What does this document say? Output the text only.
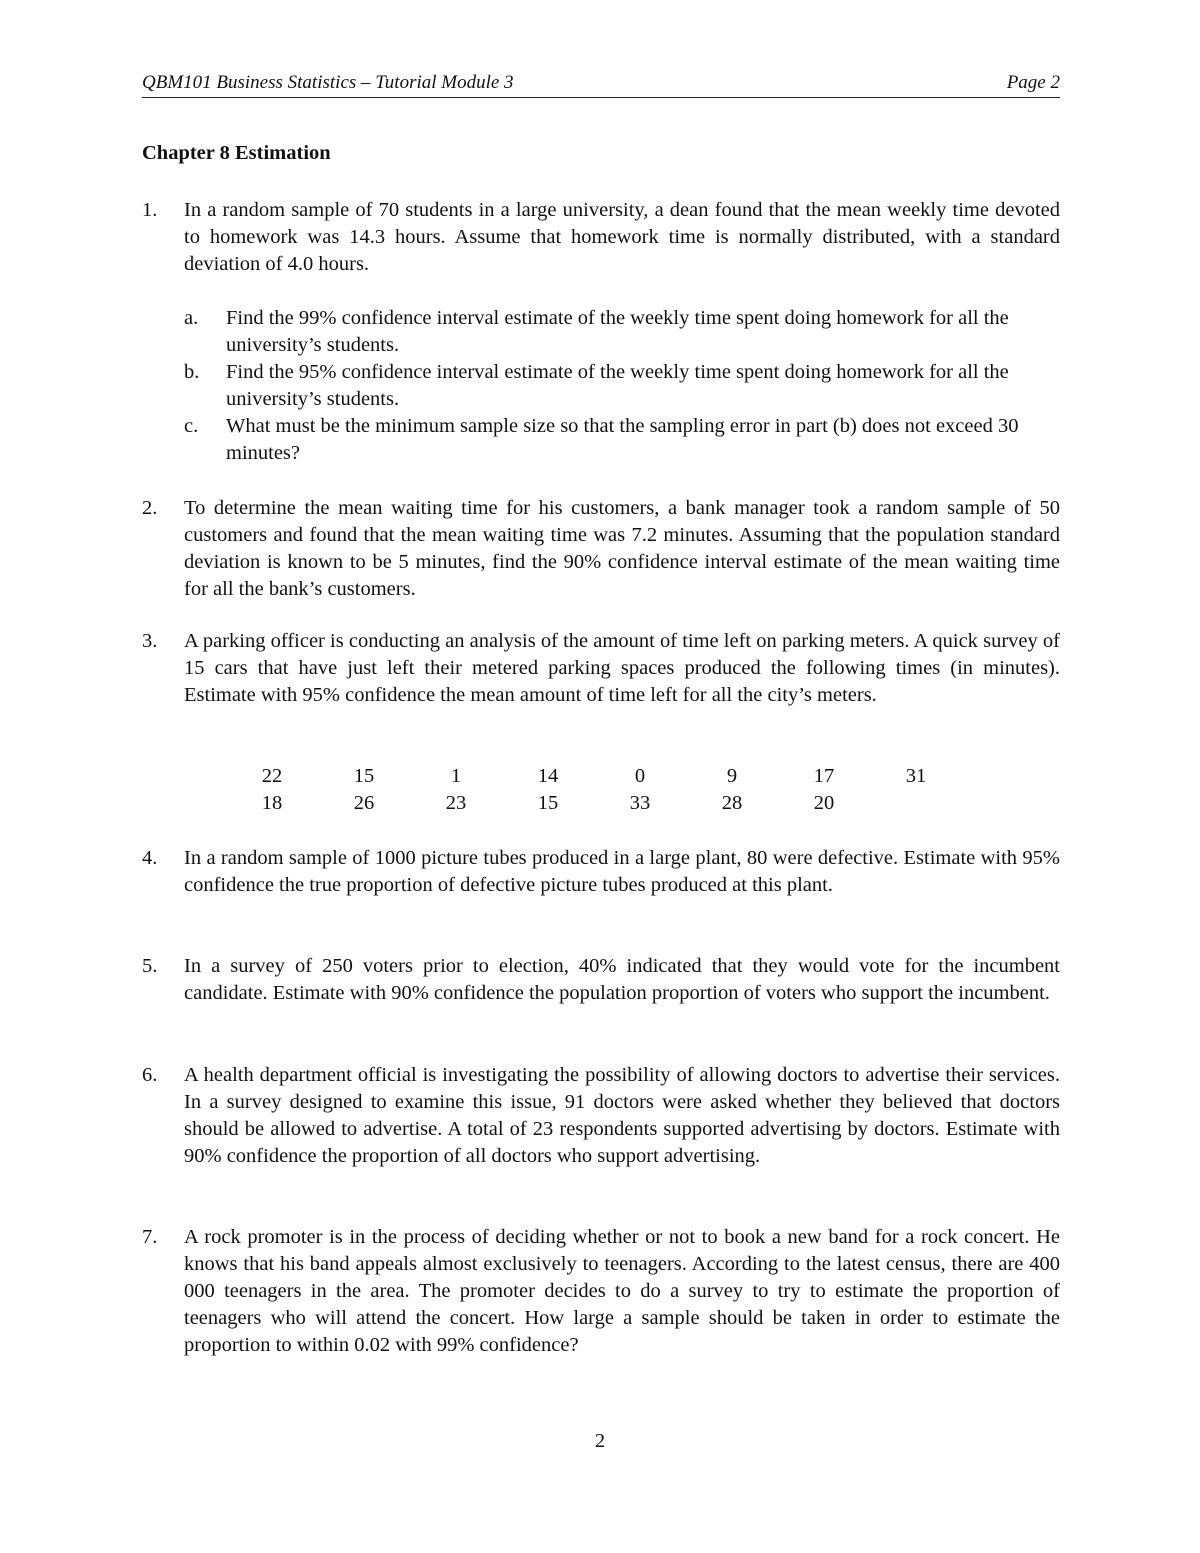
QBM101 Business Statistics – Tutorial Module 3	Page 2
Chapter 8 Estimation
1. In a random sample of 70 students in a large university, a dean found that the mean weekly time devoted to homework was 14.3 hours. Assume that homework time is normally distributed, with a standard deviation of 4.0 hours.
a. Find the 99% confidence interval estimate of the weekly time spent doing homework for all the university’s students.
b. Find the 95% confidence interval estimate of the weekly time spent doing homework for all the university’s students.
c. What must be the minimum sample size so that the sampling error in part (b) does not exceed 30 minutes?
2. To determine the mean waiting time for his customers, a bank manager took a random sample of 50 customers and found that the mean waiting time was 7.2 minutes. Assuming that the population standard deviation is known to be 5 minutes, find the 90% confidence interval estimate of the mean waiting time for all the bank’s customers.
3. A parking officer is conducting an analysis of the amount of time left on parking meters. A quick survey of 15 cars that have just left their metered parking spaces produced the following times (in minutes). Estimate with 95% confidence the mean amount of time left for all the city’s meters.
22	15	1	14	0	9	17	31
18	26	23	15	33	28	20	
4. In a random sample of 1000 picture tubes produced in a large plant, 80 were defective. Estimate with 95% confidence the true proportion of defective picture tubes produced at this plant.
5. In a survey of 250 voters prior to election, 40% indicated that they would vote for the incumbent candidate. Estimate with 90% confidence the population proportion of voters who support the incumbent.
6. A health department official is investigating the possibility of allowing doctors to advertise their services. In a survey designed to examine this issue, 91 doctors were asked whether they believed that doctors should be allowed to advertise. A total of 23 respondents supported advertising by doctors. Estimate with 90% confidence the proportion of all doctors who support advertising.
7. A rock promoter is in the process of deciding whether or not to book a new band for a rock concert. He knows that his band appeals almost exclusively to teenagers. According to the latest census, there are 400 000 teenagers in the area. The promoter decides to do a survey to try to estimate the proportion of teenagers who will attend the concert. How large a sample should be taken in order to estimate the proportion to within 0.02 with 99% confidence?
2
